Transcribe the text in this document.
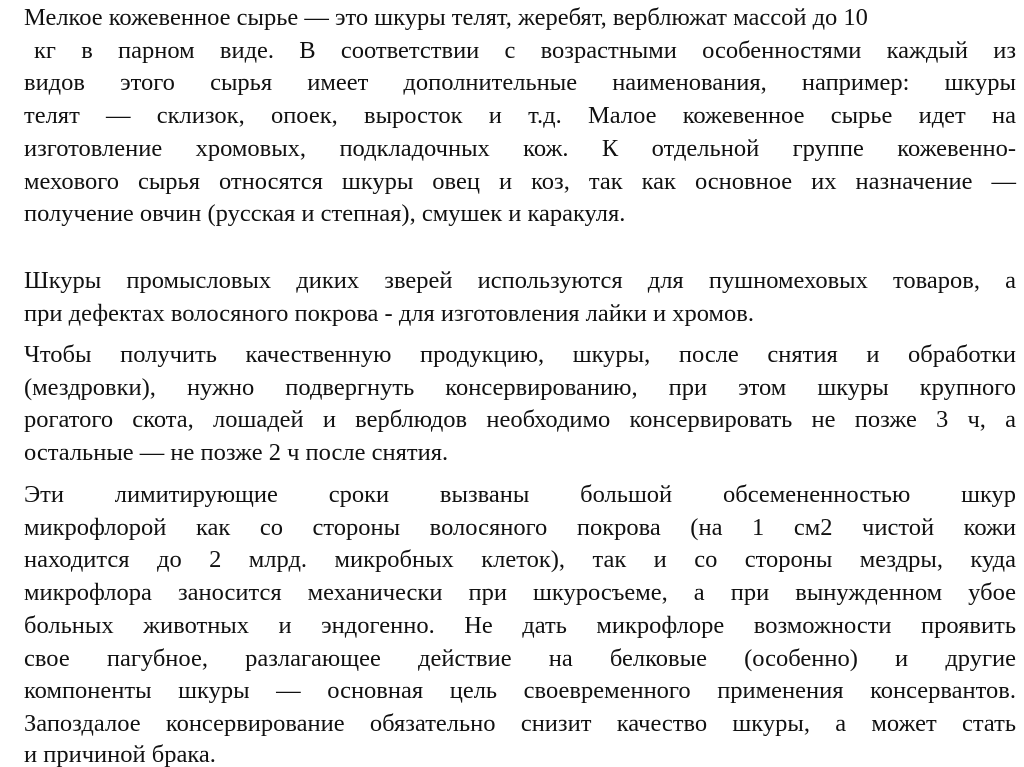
Мелкое кожевенное сырье — это шкуры телят, жеребят, верблюжат массой до 10
кг в парном виде. В соответствии с возрастными особенностями каждый из
видов этого сырья имеет дополнительные наименования, например: шкуры
телят — склизок, опоек, выросток и т.д. Малое кожевенное сырье идет на
изготовление хромовых, подкладочных кож. К отдельной группе кожевенно-
мехового сырья относятся шкуры овец и коз, так как основное их назначение —
получение овчин (русская и степная), смушек и каракуля.
Шкуры промысловых диких зверей используются для пушномеховых товаров, а
при дефектах волосяного покрова - для изготовления лайки и хромов.
Чтобы получить качественную продукцию, шкуры, после снятия и обработки
(мездровки), нужно подвергнуть консервированию, при этом шкуры крупного
рогатого скота, лошадей и верблюдов необходимо консервировать не позже 3 ч, а
остальные — не позже 2 ч после снятия.
Эти лимитирующие сроки вызваны большой обсемененностью шкур
микрофлорой как со стороны волосяного покрова (на 1 см2 чистой кожи
находится до 2 млрд. микробных клеток), так и со стороны мездры, куда
микрофлора заносится механически при шкуросъеме, а при вынужденном убое
больных животных и эндогенно. Не дать микрофлоре возможности проявить
свое пагубное, разлагающее действие на белковые (особенно) и другие
компоненты шкуры — основная цель своевременного применения консервантов.
Запоздалое консервирование обязательно снизит качество шкуры, а может стать
и причиной брака.
